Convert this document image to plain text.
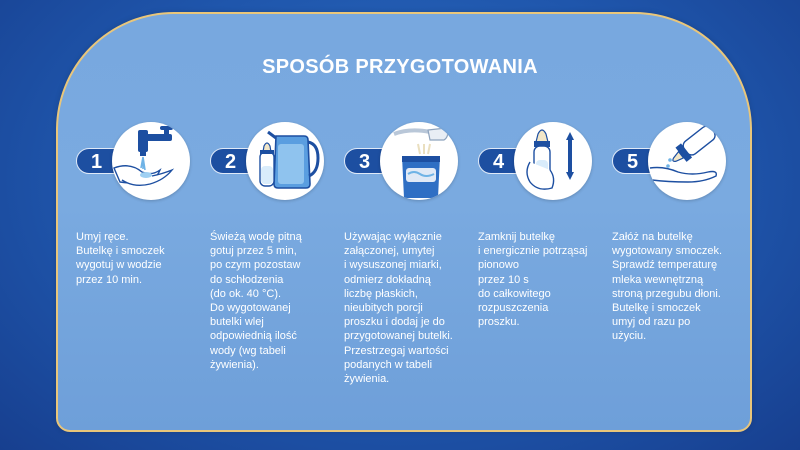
SPOSÓB PRZYGOTOWANIA
1
Umyj ręce.
Butelkę i smoczek
wygotuj w wodzie
przez 10 min.
2
Świeżą wodę pitną
gotuj przez 5 min,
po czym pozostaw
do schłodzenia
(do ok. 40 °C).
Do wygotowanej
butelki wlej
odpowiednią ilość
wody (wg tabeli
żywienia).
3
Używając wyłącznie
załączonej, umytej
i wysuszonej miarki,
odmierz dokładną
liczbę płaskich,
nieubitych porcji
proszku i dodaj je do
przygotowanej butelki.
Przestrzegaj wartości
podanych w tabeli
żywienia.
4
Zamknij butelkę
i energicznie potrząsaj
pionowo
przez 10 s
do całkowitego
rozpuszczenia
proszku.
5
Załóż na butelkę
wygotowany smoczek.
Sprawdź temperaturę
mleka wewnętrzną
stroną przegubu dłoni.
Butelkę i smoczek
umyj od razu po
użyciu.
